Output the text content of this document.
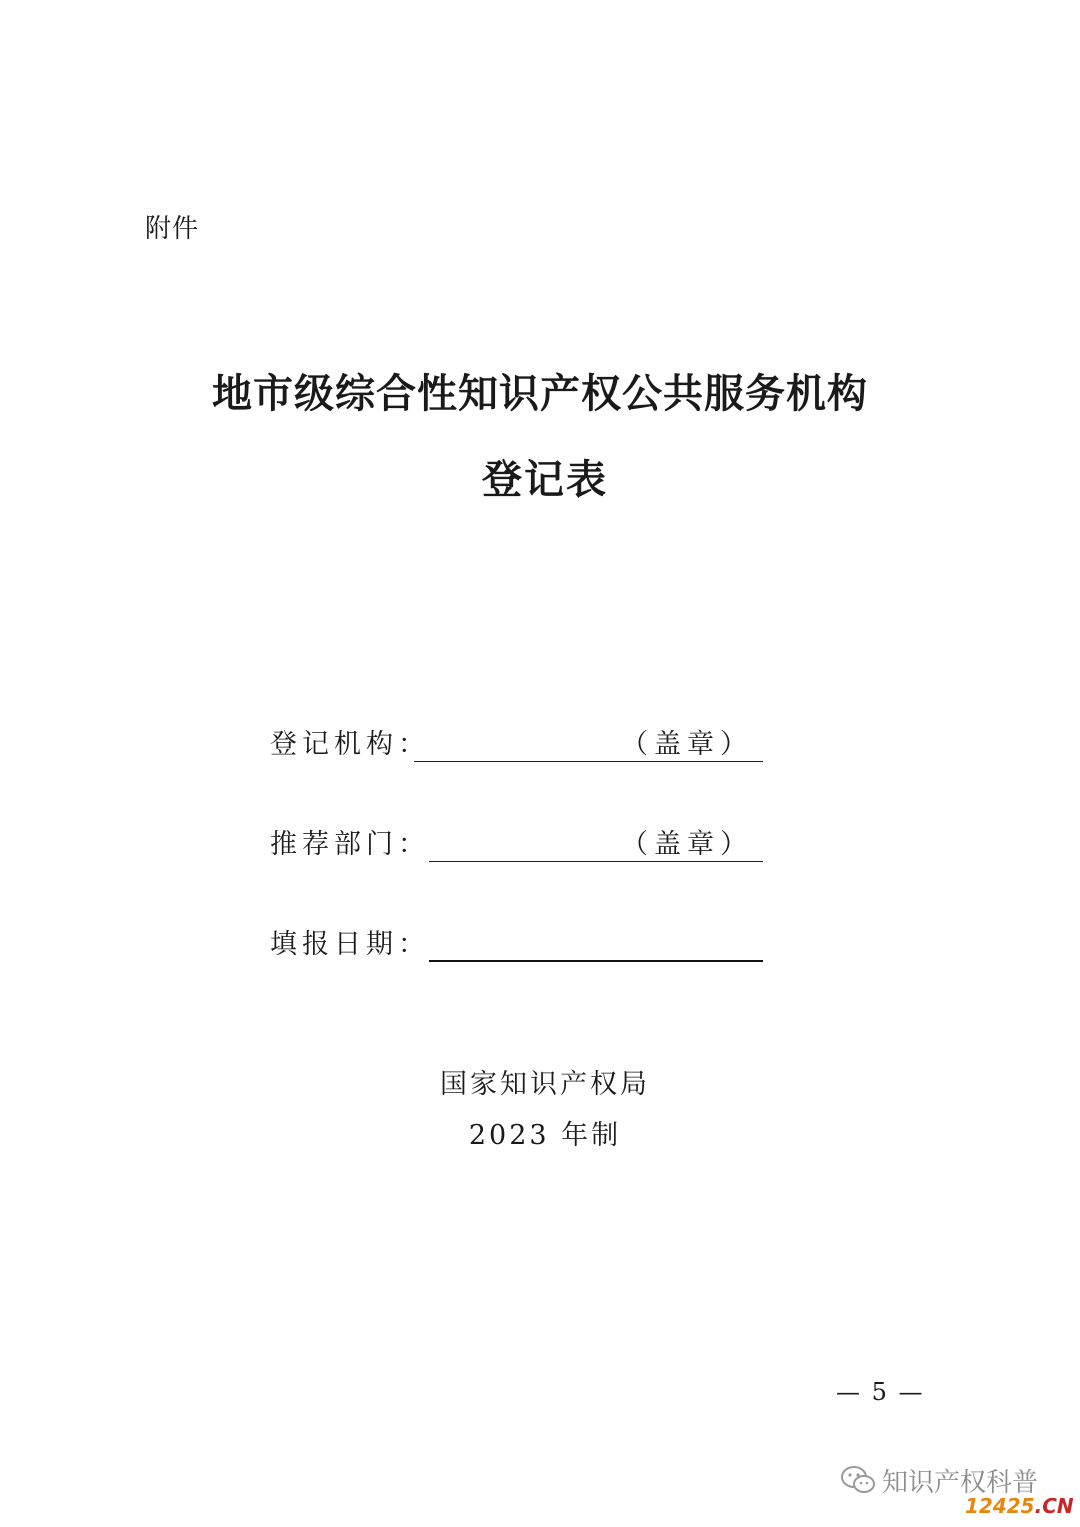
附件
地市级综合性知识产权公共服务机构
登记表
登记机构：	（盖章）
推荐部门：	（盖章）
填报日期：
国家知识产权局
2023 年制
— 5 —
知识产权科普
12425.CN
